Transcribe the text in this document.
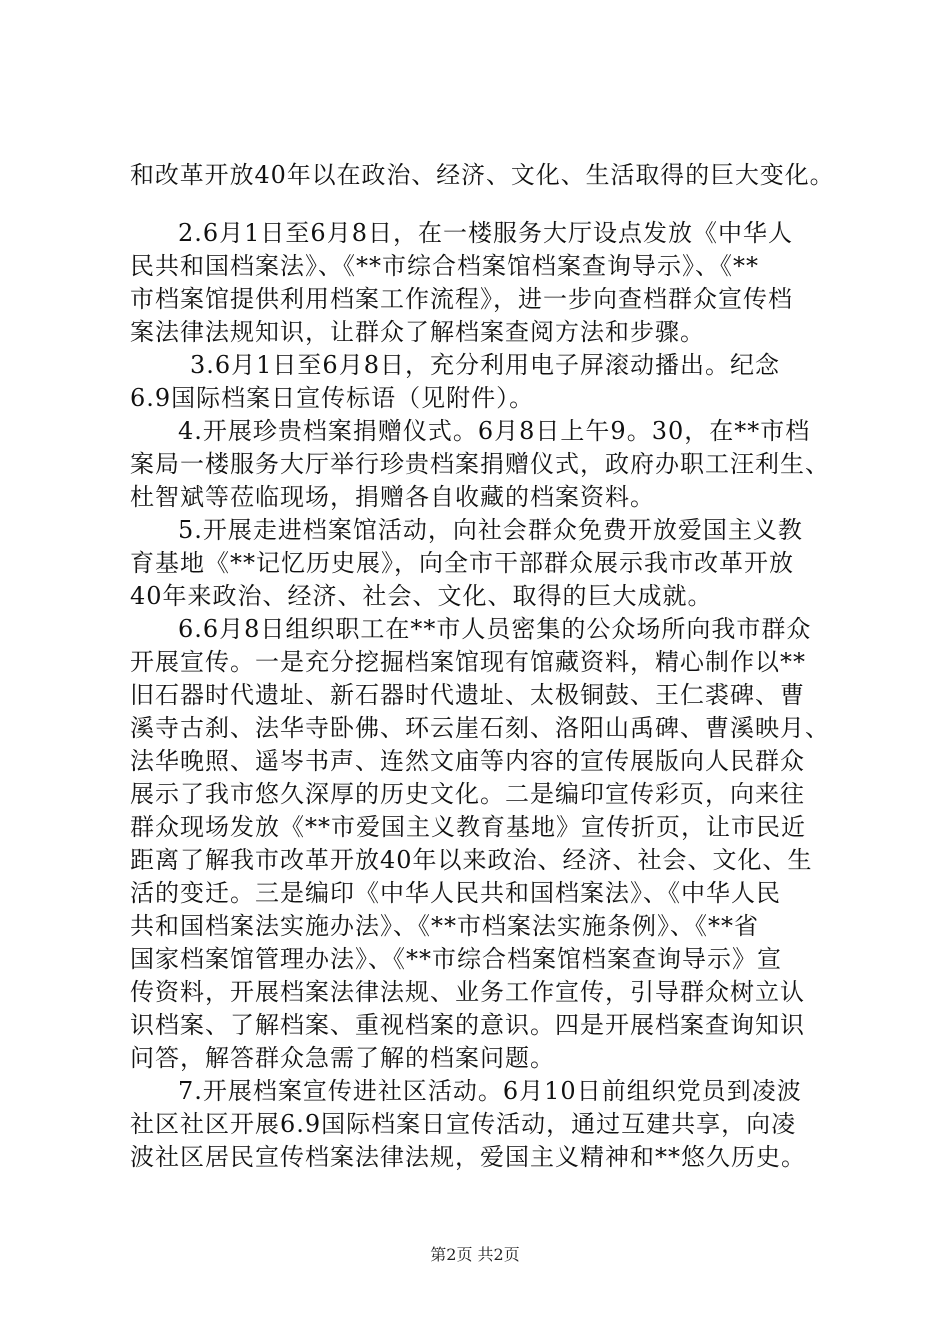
和改革开放40年以在政治、经济、文化、生活取得的巨大变化。
2.6月1日至6月8日，在一楼服务大厅设点发放《中华人
民共和国档案法》、《**市综合档案馆档案查询导示》、《**
市档案馆提供利用档案工作流程》，进一步向查档群众宣传档
案法律法规知识，让群众了解档案查阅方法和步骤。
3.6月1日至6月8日，充分利用电子屏滚动播出。纪念
6.9国际档案日宣传标语（见附件）。
4.开展珍贵档案捐赠仪式。6月8日上午9。30，在**市档
案局一楼服务大厅举行珍贵档案捐赠仪式，政府办职工汪利生、
杜智斌等莅临现场，捐赠各自收藏的档案资料。
5.开展走进档案馆活动，向社会群众免费开放爱国主义教
育基地《**记忆历史展》，向全市干部群众展示我市改革开放
40年来政治、经济、社会、文化、取得的巨大成就。
6.6月8日组织职工在**市人员密集的公众场所向我市群众
开展宣传。一是充分挖掘档案馆现有馆藏资料，精心制作以**
旧石器时代遗址、新石器时代遗址、太极铜鼓、王仁裘碑、曹
溪寺古刹、法华寺卧佛、环云崖石刻、洛阳山禹碑、曹溪映月、
法华晚照、遥岑书声、连然文庙等内容的宣传展版向人民群众
展示了我市悠久深厚的历史文化。二是编印宣传彩页，向来往
群众现场发放《**市爱国主义教育基地》宣传折页，让市民近
距离了解我市改革开放40年以来政治、经济、社会、文化、生
活的变迁。三是编印《中华人民共和国档案法》、《中华人民
共和国档案法实施办法》、《**市档案法实施条例》、《**省
国家档案馆管理办法》、《**市综合档案馆档案查询导示》宣
传资料，开展档案法律法规、业务工作宣传，引导群众树立认
识档案、了解档案、重视档案的意识。四是开展档案查询知识
问答，解答群众急需了解的档案问题。
7.开展档案宣传进社区活动。6月10日前组织党员到凌波
社区社区开展6.9国际档案日宣传活动，通过互建共享，向凌
波社区居民宣传档案法律法规，爱国主义精神和**悠久历史。
第2页 共2页
